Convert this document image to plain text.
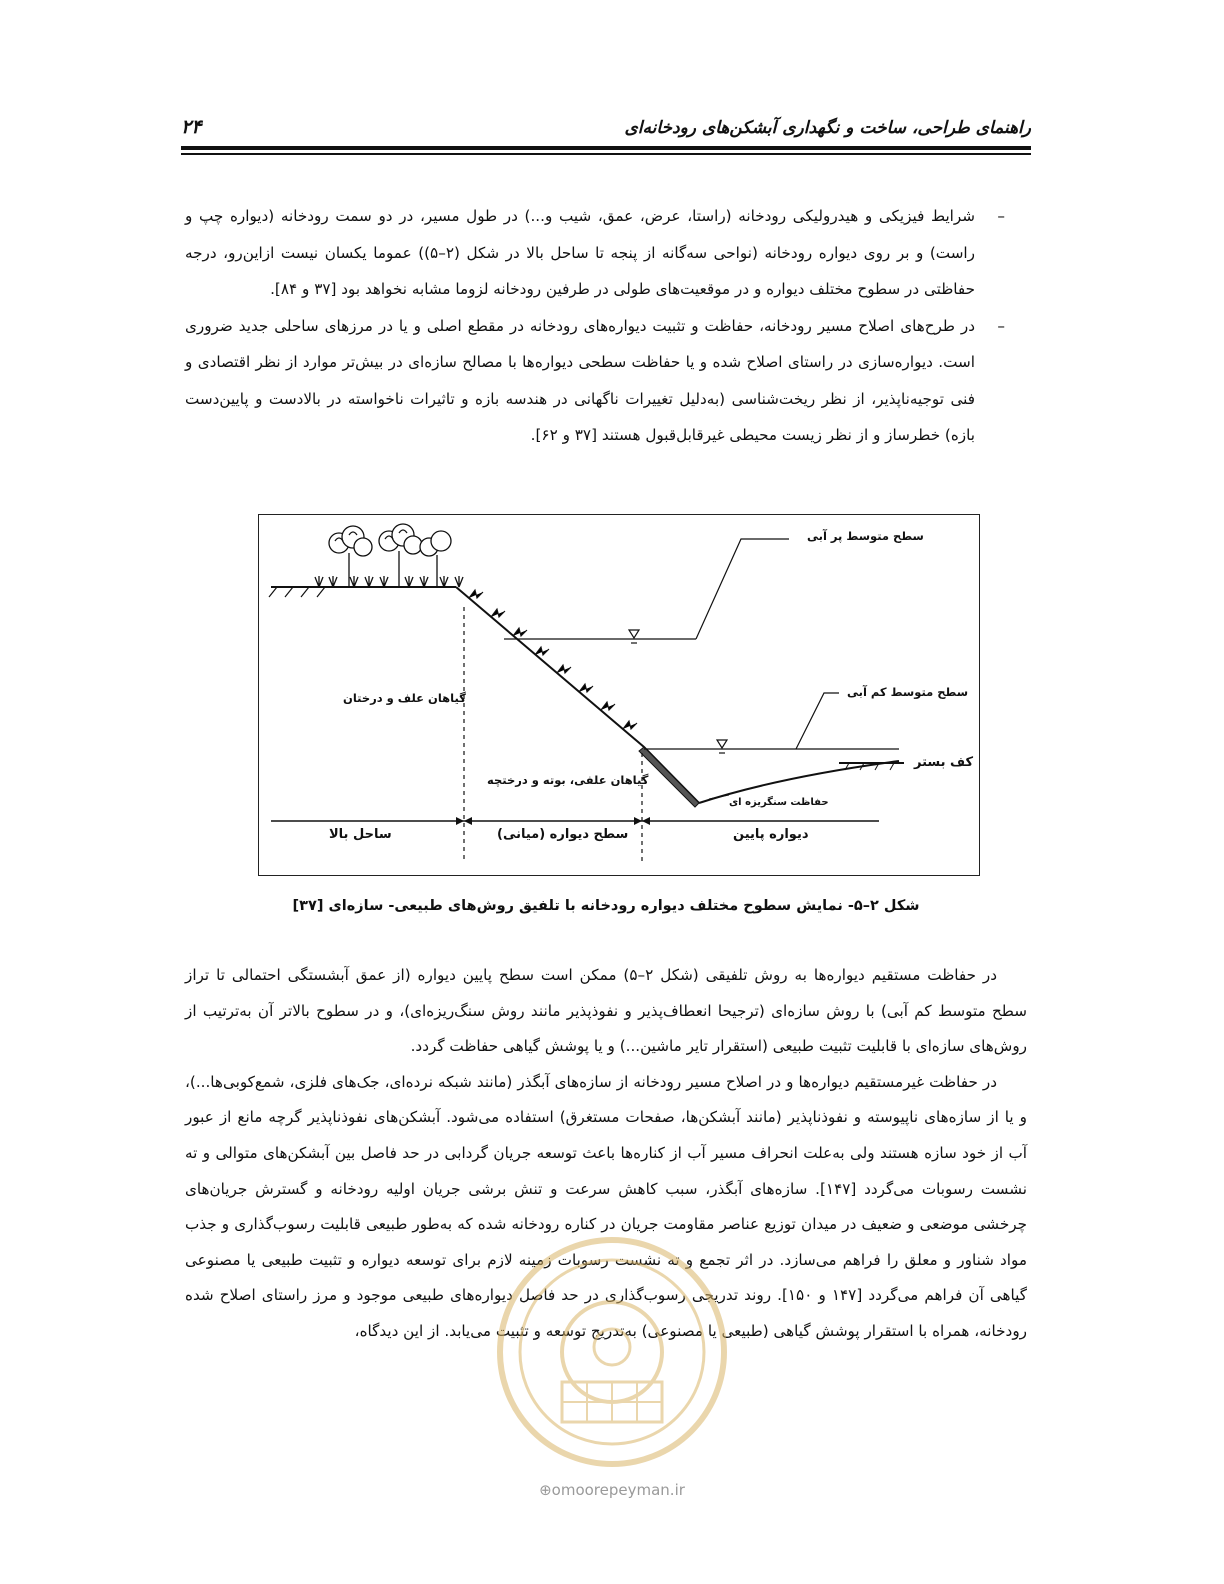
راهنمای طراحی، ساخت و نگهداری آبشکن‌های رودخانه‌ای
۲۴

–
شرایط فیزیکی و هیدرولیکی رودخانه (راستا، عرض، عمق، شیب و...) در طول مسیر، در دو سمت رودخانه (دیواره چپ و راست) و بر روی دیواره رودخانه (نواحی سه‌گانه از پنجه تا ساحل بالا در شکل (۲–۵)) عموما یکسان نیست ازاین‌رو، درجه حفاظتی در سطوح مختلف دیواره و در موقعیت‌های طولی در طرفین رودخانه لزوما مشابه نخواهد بود [۳۷ و ۸۴].

–
در طرح‌های اصلاح مسیر رودخانه، حفاظت و تثبیت دیواره‌های رودخانه در مقطع اصلی و یا در مرزهای ساحلی جدید ضروری است. دیواره‌سازی در راستای اصلاح شده و یا حفاظت سطحی دیواره‌ها با مصالح سازه‌ای در بیش‌تر موارد از نظر اقتصادی و فنی توجیه‌ناپذیر، از نظر ریخت‌شناسی (به‌دلیل تغییرات ناگهانی در هندسه بازه و تاثیرات ناخواسته در بالادست و پایین‌دست بازه) خطرساز و از نظر زیست محیطی غیرقابل‌قبول هستند [۳۷ و ۶۲].

سطح متوسط پر آبی
سطح متوسط کم آبی
کف بستر
حفاظت سنگریزه ای
گیاهان علف و درختان
گیاهان علفی، بوته و درختچه
ساحل بالا	سطح دیواره (میانی)	دیواره پایین
شکل ۲–۵- نمایش سطوح مختلف دیواره رودخانه با تلفیق روش‌های طبیعی- سازه‌ای [۳۷]

در حفاظت مستقیم دیواره‌ها به روش تلفیقی (شکل ۲–۵) ممکن است سطح پایین دیواره (از عمق آبشستگی احتمالی تا تراز سطح متوسط کم آبی) با روش سازه‌ای (ترجیحا انعطاف‌پذیر و نفوذپذیر مانند روش سنگ‌ریزه‌ای)، و در سطوح بالاتر آن به‌ترتیب از روش‌های سازه‌ای با قابلیت تثبیت طبیعی (استقرار تایر ماشین...) و یا پوشش گیاهی حفاظت گردد.

در حفاظت غیرمستقیم دیواره‌ها و در اصلاح مسیر رودخانه از سازه‌های آبگذر (مانند شبکه نرده‌ای، جک‌های فلزی، شمع‌کوبی‌ها...)، و یا از سازه‌های ناپیوسته و نفوذناپذیر (مانند آبشکن‌ها، صفحات مستغرق) استفاده می‌شود. آبشکن‌های نفوذناپذیر گرچه مانع از عبور آب از خود سازه هستند ولی به‌علت انحراف مسیر آب از کناره‌ها باعث توسعه جریان گردابی در حد فاصل بین آبشکن‌های متوالی و ته نشست رسوبات می‌گردد [۱۴۷]. سازه‌های آبگذر، سبب کاهش سرعت و تنش برشی جریان اولیه رودخانه و گسترش جریان‌های چرخشی موضعی و ضعیف در میدان توزیع عناصر مقاومت جریان در کناره رودخانه شده که به‌طور طبیعی قابلیت رسوب‌گذاری و جذب مواد شناور و معلق را فراهم می‌سازد. در اثر تجمع و ته نشست رسوبات زمینه لازم برای توسعه دیواره و تثبیت طبیعی یا مصنوعی گیاهی آن فراهم می‌گردد [۱۴۷ و ۱۵۰]. روند تدریجی رسوب‌گذاری در حد فاصل دیواره‌های طبیعی موجود و مرز راستای اصلاح شده رودخانه، همراه با استقرار پوشش گیاهی (طبیعی یا مصنوعی) به‌تدریج توسعه و تثبیت می‌یابد. از این دیدگاه،

⊕omoorepeyman.ir
